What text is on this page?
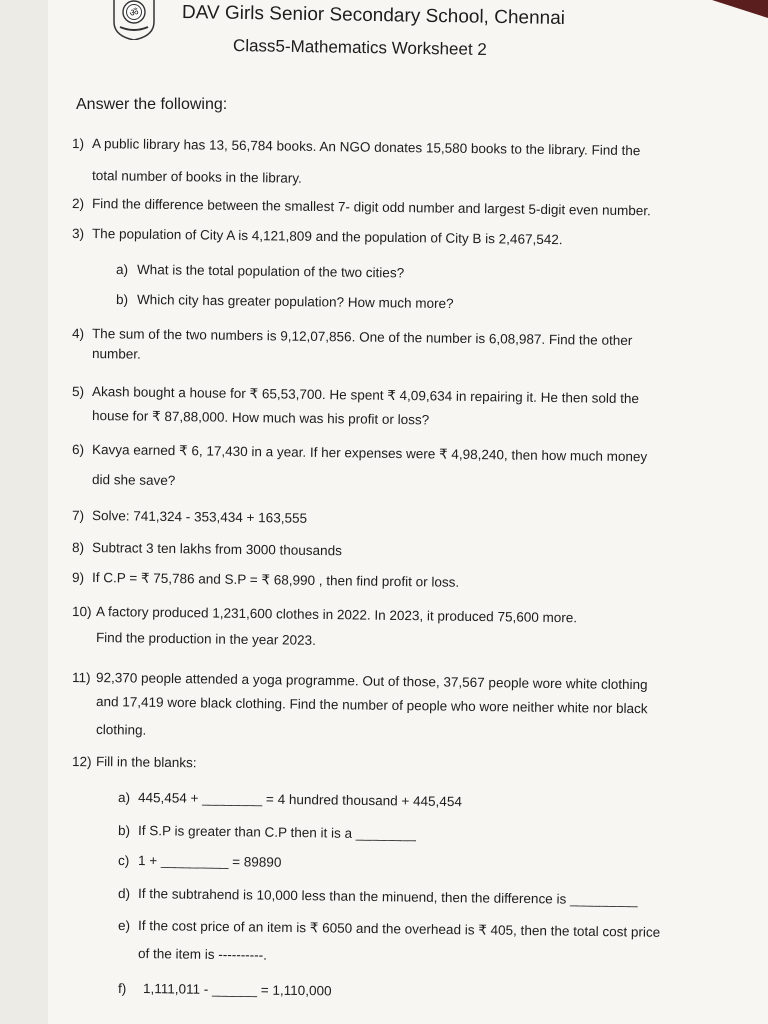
ॐ DAV Girls Senior Secondary School, Chennai
Class5-Mathematics Worksheet 2
Answer the following:
1) A public library has 13, 56,784 books. An NGO donates 15,580 books to the library. Find the
total number of books in the library.
2) Find the difference between the smallest 7- digit odd number and largest 5-digit even number.
3) The population of City A is 4,121,809 and the population of City B is 2,467,542.
a) What is the total population of the two cities?
b) Which city has greater population? How much more?
4) The sum of the two numbers is 9,12,07,856. One of the number is 6,08,987. Find the other
number.
5) Akash bought a house for ₹ 65,53,700. He spent ₹ 4,09,634 in repairing it. He then sold the
house for ₹ 87,88,000. How much was his profit or loss?
6) Kavya earned ₹ 6, 17,430 in a year. If her expenses were ₹ 4,98,240, then how much money
did she save?
7) Solve: 741,324 - 353,434 + 163,555
8) Subtract 3 ten lakhs from 3000 thousands
9) If C.P = ₹ 75,786 and S.P = ₹ 68,990 , then find profit or loss.
10) A factory produced 1,231,600 clothes in 2022. In 2023, it produced 75,600 more.
Find the production in the year 2023.
11) 92,370 people attended a yoga programme. Out of those, 37,567 people wore white clothing
and 17,419 wore black clothing. Find the number of people who wore neither white nor black
clothing.
12) Fill in the blanks:
a) 445,454 + ________ = 4 hundred thousand + 445,454
b) If S.P is greater than C.P then it is a ________
c) 1 + _________ = 89890
d) If the subtrahend is 10,000 less than the minuend, then the difference is _________
e) If the cost price of an item is ₹ 6050 and the overhead is ₹ 405, then the total cost price
of the item is ----------.
f) 1,111,011 - ______ = 1,110,000
